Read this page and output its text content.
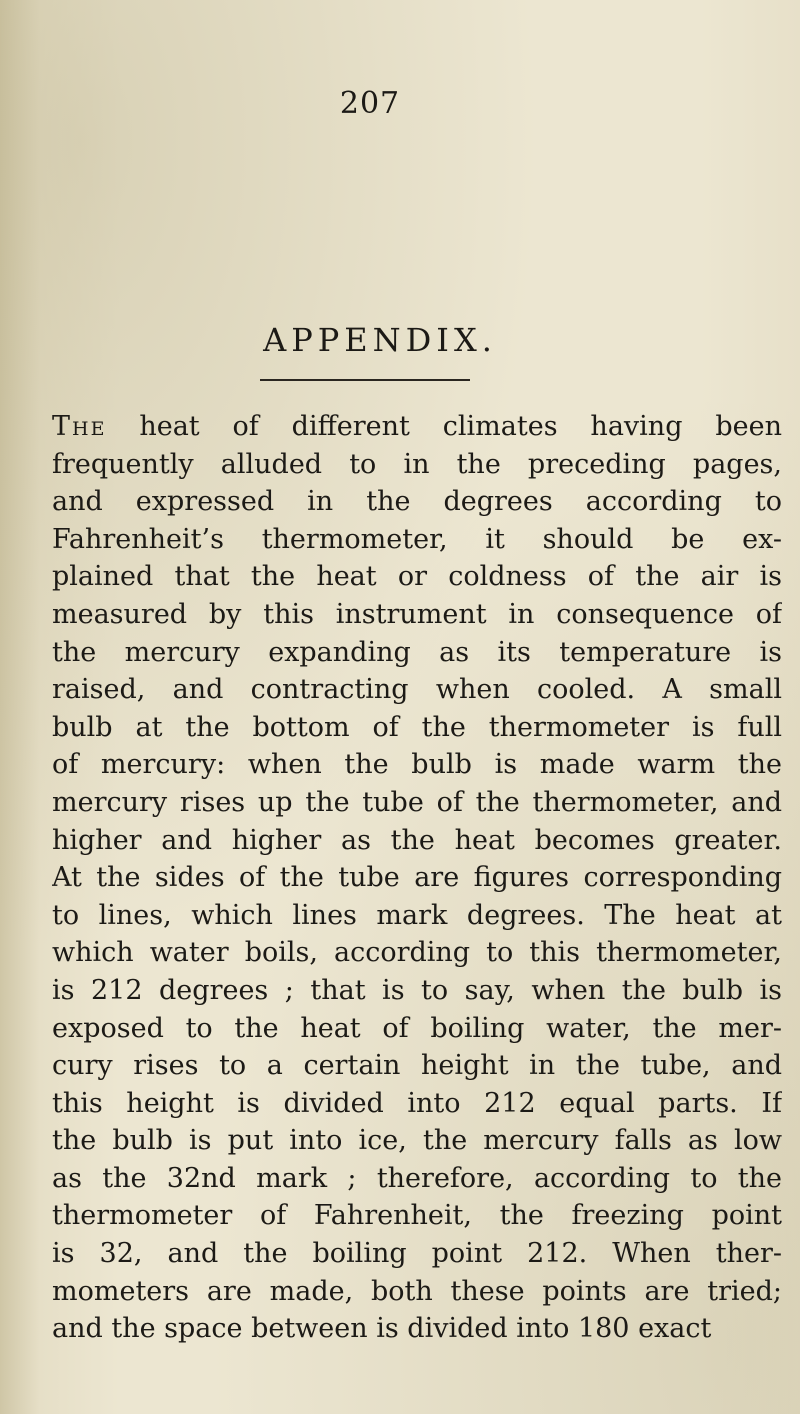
207
APPENDIX.
The heat of different climates having been
frequently alluded to in the preceding pages,
and expressed in the degrees according to
Fahrenheit’s thermometer, it should be ex-
plained that the heat or coldness of the air is
measured by this instrument in consequence of
the mercury expanding as its temperature is
raised, and contracting when cooled. A small
bulb at the bottom of the thermometer is full
of mercury: when the bulb is made warm the
mercury rises up the tube of the thermometer, and
higher and higher as the heat becomes greater.
At the sides of the tube are figures corresponding
to lines, which lines mark degrees. The heat at
which water boils, according to this thermometer,
is 212 degrees ; that is to say, when the bulb is
exposed to the heat of boiling water, the mer-
cury rises to a certain height in the tube, and
this height is divided into 212 equal parts. If
the bulb is put into ice, the mercury falls as low
as the 32nd mark ; therefore, according to the
thermometer of Fahrenheit, the freezing point
is 32, and the boiling point 212. When ther-
mometers are made, both these points are tried;
and the space between is divided into 180 exact
